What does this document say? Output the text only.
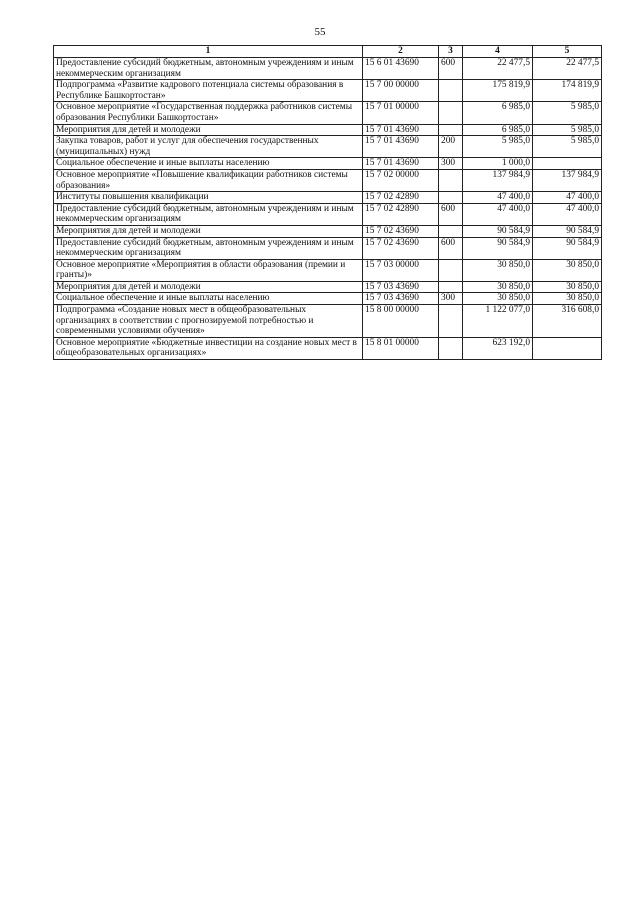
55
1	2	3	4	5
Предоставление субсидий бюджетным, автономным учреждениям и иным некоммерческим организациям	15 6 01 43690	600	22 477,5	22 477,5
Подпрограмма «Развитие кадрового потенциала системы образования в Республике Башкортостан»	15 7 00 00000		175 819,9	174 819,9
Основное мероприятие «Государственная поддержка работников системы образования Республики Башкортостан»	15 7 01 00000		6 985,0	5 985,0
Мероприятия для детей и молодежи	15 7 01 43690		6 985,0	5 985,0
Закупка товаров, работ и услуг для обеспечения государственных (муниципальных) нужд	15 7 01 43690	200	5 985,0	5 985,0
Социальное обеспечение и иные выплаты населению	15 7 01 43690	300	1 000,0	
Основное мероприятие «Повышение квалификации работников системы образования»	15 7 02 00000		137 984,9	137 984,9
Институты повышения квалификации	15 7 02 42890		47 400,0	47 400,0
Предоставление субсидий бюджетным, автономным учреждениям и иным некоммерческим организациям	15 7 02 42890	600	47 400,0	47 400,0
Мероприятия для детей и молодежи	15 7 02 43690		90 584,9	90 584,9
Предоставление субсидий бюджетным, автономным учреждениям и иным некоммерческим организациям	15 7 02 43690	600	90 584,9	90 584,9
Основное мероприятие «Мероприятия в области образования (премии и гранты)»	15 7 03 00000		30 850,0	30 850,0
Мероприятия для детей и молодежи	15 7 03 43690		30 850,0	30 850,0
Социальное обеспечение и иные выплаты населению	15 7 03 43690	300	30 850,0	30 850,0
Подпрограмма «Создание новых мест в общеобразовательных организациях в соответствии с прогнозируемой потребностью и современными условиями обучения»	15 8 00 00000		1 122 077,0	316 608,0
Основное мероприятие «Бюджетные инвестиции на создание новых мест в общеобразовательных организациях»	15 8 01 00000		623 192,0	
